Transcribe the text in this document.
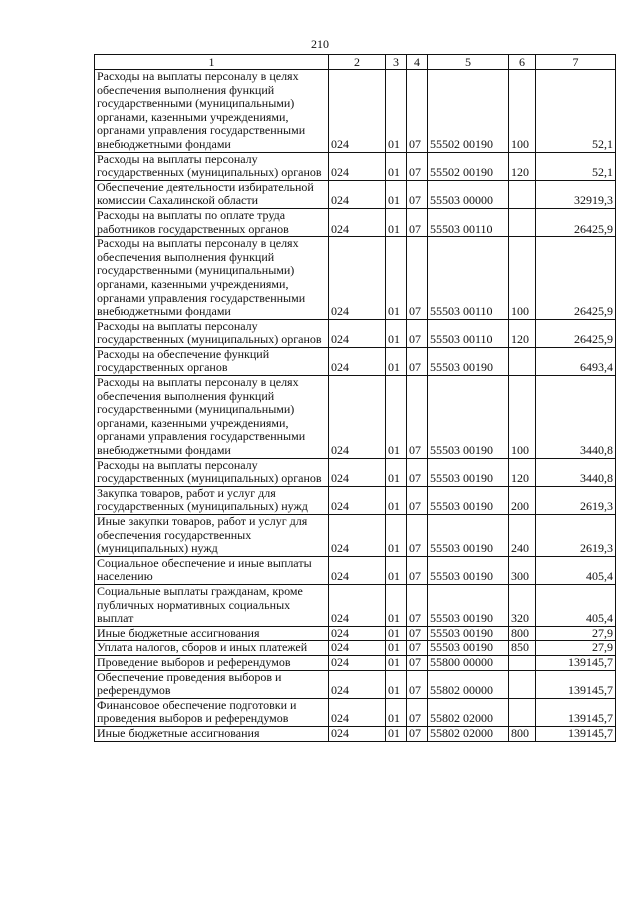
210
1	2	3	4	5	6	7
Расходы на выплаты персоналу в целях обеспечения выполнения функций государственными (муниципальными) органами, казенными учреждениями, органами управления государственными внебюджетными фондами	024	01	07	55502 00190	100	52,1
Расходы на выплаты персоналу государственных (муниципальных) органов	024	01	07	55502 00190	120	52,1
Обеспечение деятельности избирательной комиссии Сахалинской области	024	01	07	55503 00000		32919,3
Расходы на выплаты по оплате труда работников государственных органов	024	01	07	55503 00110		26425,9
Расходы на выплаты персоналу в целях обеспечения выполнения функций государственными (муниципальными) органами, казенными учреждениями, органами управления государственными внебюджетными фондами	024	01	07	55503 00110	100	26425,9
Расходы на выплаты персоналу государственных (муниципальных) органов	024	01	07	55503 00110	120	26425,9
Расходы на обеспечение функций государственных органов	024	01	07	55503 00190		6493,4
Расходы на выплаты персоналу в целях обеспечения выполнения функций государственными (муниципальными) органами, казенными учреждениями, органами управления государственными внебюджетными фондами	024	01	07	55503 00190	100	3440,8
Расходы на выплаты персоналу государственных (муниципальных) органов	024	01	07	55503 00190	120	3440,8
Закупка товаров, работ и услуг для государственных (муниципальных) нужд	024	01	07	55503 00190	200	2619,3
Иные закупки товаров, работ и услуг для обеспечения государственных (муниципальных) нужд	024	01	07	55503 00190	240	2619,3
Социальное обеспечение и иные выплаты населению	024	01	07	55503 00190	300	405,4
Социальные выплаты гражданам, кроме публичных нормативных социальных выплат	024	01	07	55503 00190	320	405,4
Иные бюджетные ассигнования	024	01	07	55503 00190	800	27,9
Уплата налогов, сборов и иных платежей	024	01	07	55503 00190	850	27,9
Проведение выборов и референдумов	024	01	07	55800 00000		139145,7
Обеспечение проведения выборов и референдумов	024	01	07	55802 00000		139145,7
Финансовое обеспечение подготовки и проведения выборов и референдумов	024	01	07	55802 02000		139145,7
Иные бюджетные ассигнования	024	01	07	55802 02000	800	139145,7
